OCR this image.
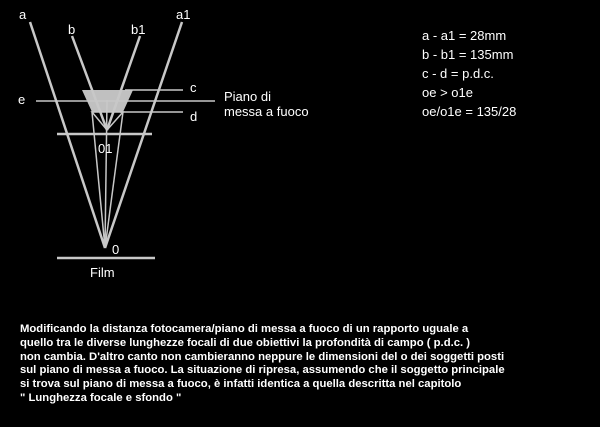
a
b	b1
a1
c
e
d
Piano di
messa a fuoco
01
0
Film
a - a1 = 28mm
b - b1 = 135mm
c - d = p.d.c.
oe > o1e
oe/o1e = 135/28
Modificando la distanza fotocamera/piano di messa a fuoco di un rapporto uguale a
quello tra le diverse lunghezze focali di due obiettivi la profondità di campo ( p.d.c. )
non cambia. D'altro canto non cambieranno neppure le dimensioni del o dei soggetti posti
sul piano di messa a fuoco. La situazione di ripresa, assumendo che il soggetto principale
si trova sul piano di messa a fuoco, è infatti identica a quella descritta nel capitolo
" Lunghezza focale e sfondo "
